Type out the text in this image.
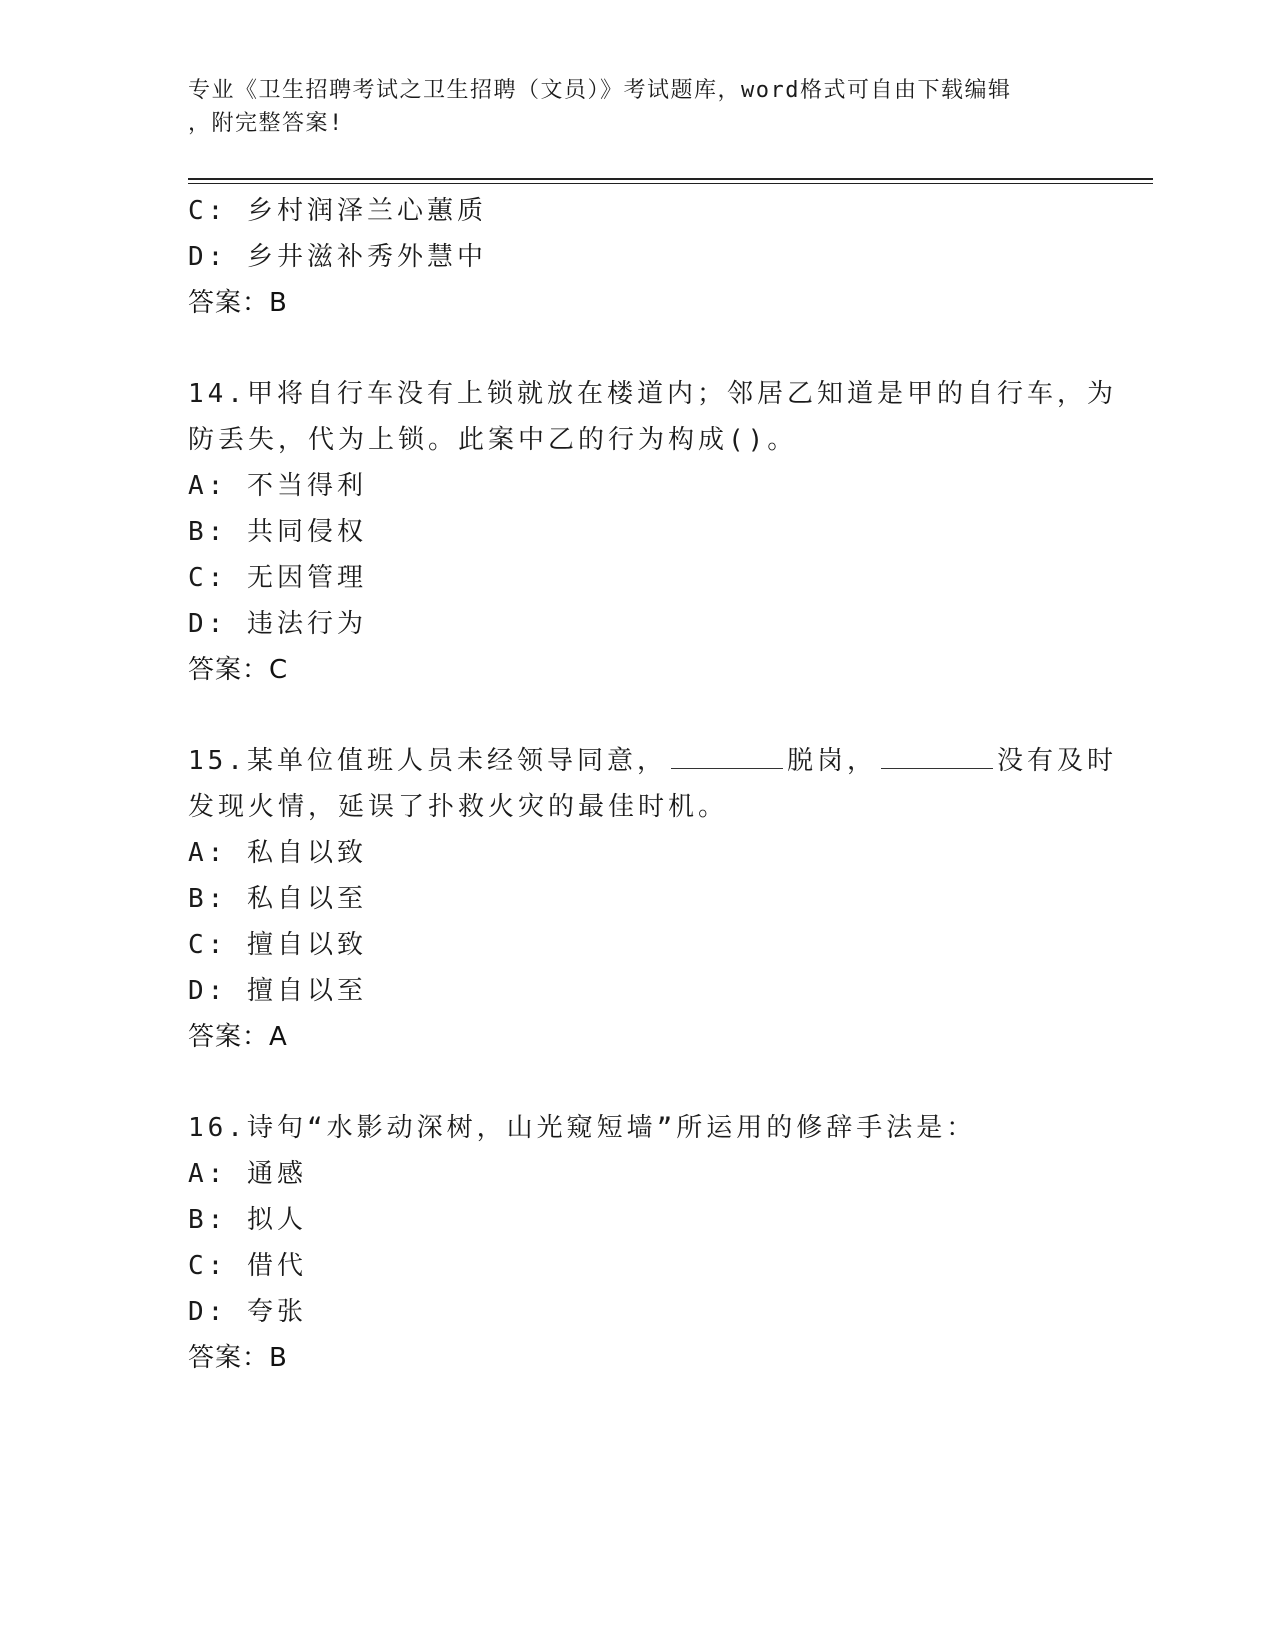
专业《卫生招聘考试之卫生招聘（文员）》考试题库，word格式可自由下载编辑

，附完整答案!

C: 乡村润泽兰心蕙质
D: 乡井滋补秀外慧中
答案：B
14.甲将自行车没有上锁就放在楼道内；邻居乙知道是甲的自行车，为
防丢失，代为上锁。此案中乙的行为构成()。
A: 不当得利
B: 共同侵权
C: 无因管理
D: 违法行为
答案：C
15.某单位值班人员未经领导同意，	脱岗，	没有及时
发现火情，延误了扑救火灾的最佳时机。
A: 私自以致
B: 私自以至
C: 擅自以致
D: 擅自以至
答案：A
16.诗句“水影动深树，山光窥短墙”所运用的修辞手法是：
A: 通感
B: 拟人
C: 借代
D: 夸张
答案：B
